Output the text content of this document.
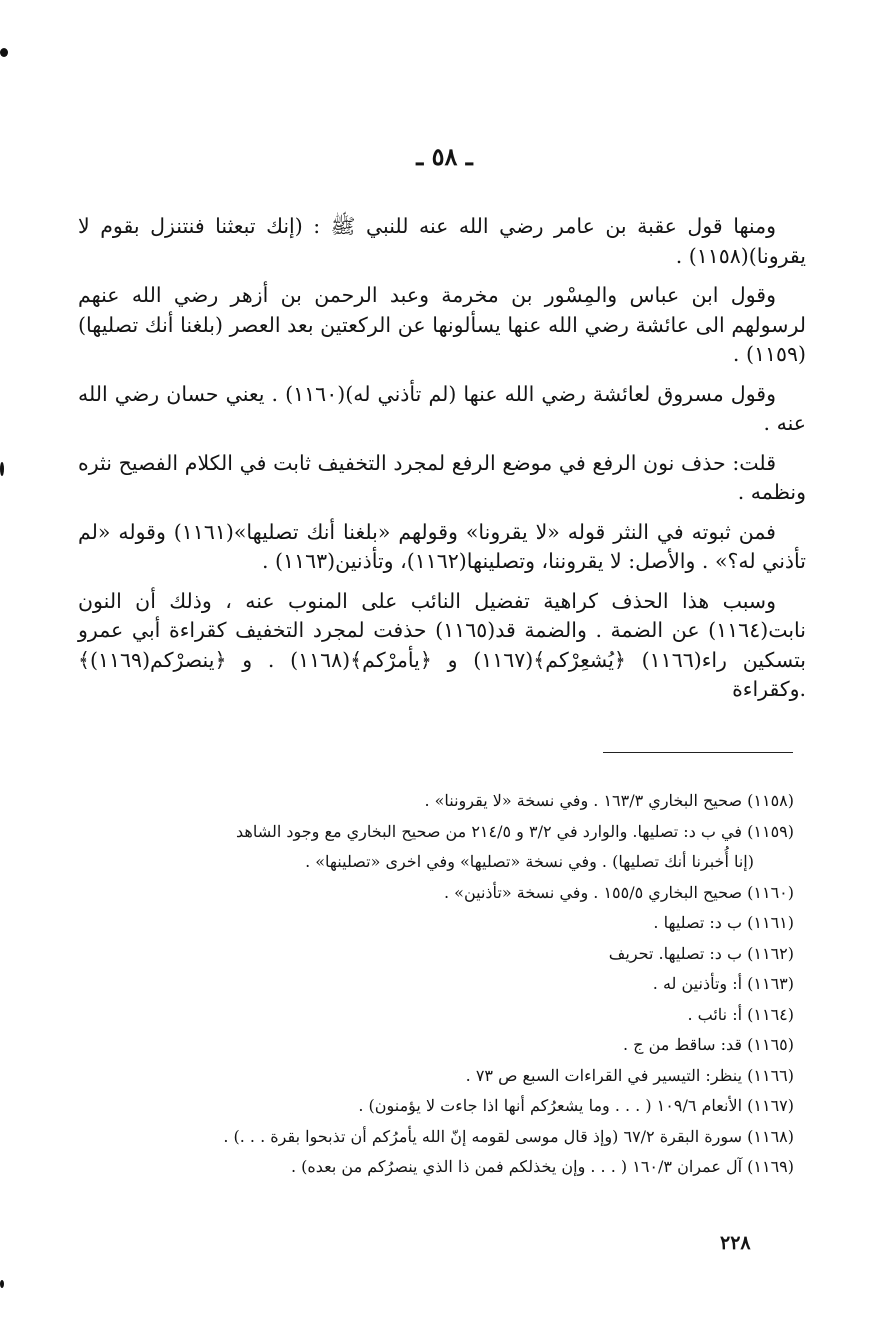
ـ ٥٨ ـ

ومنها قول عقبة بن عامر رضي الله عنه للنبي ﷺ : (إنك تبعثنا فنتنزل بقوم لا يقرونا)(١١٥٨) .

وقول ابن عباس والمِسْور بن مخرمة وعبد الرحمن بن أزهر رضي الله عنهم لرسولهم الى عائشة رضي الله عنها يسألونها عن الركعتين بعد العصر (بلغنا أنك تصليها)(١١٥٩) .

وقول مسروق لعائشة رضي الله عنها (لم تأذني له)(١١٦٠) . يعني حسان رضي الله عنه .

قلت: حذف نون الرفع في موضع الرفع لمجرد التخفيف ثابت في الكلام الفصيح نثره ونظمه .

فمن ثبوته في النثر قوله «لا يقرونا» وقولهم «بلغنا أنك تصليها»(١١٦١) وقوله «لم تأذني له؟» . والأصل: لا يقروننا، وتصلينها(١١٦٢)، وتأذنين(١١٦٣) .

وسبب هذا الحذف كراهية تفضيل النائب على المنوب عنه ، وذلك أن النون نابت(١١٦٤) عن الضمة . والضمة قد(١١٦٥) حذفت لمجرد التخفيف كقراءة أبي عمرو بتسكين راء(١١٦٦) ﴿يُشعِرْكم﴾(١١٦٧) و ﴿يأمرْكم﴾(١١٦٨) . و ﴿ينصرْكم(١١٦٩)﴾ .وكقراءة

(١١٥٨) صحيح البخاري ١٦٣/٣ . وفي نسخة «لا يقروننا» .
(١١٥٩) في ب د: تصليها. والوارد في ٣/٢ و ٢١٤/٥ من صحيح البخاري مع وجود الشاهد
(إنا أُخبرنا أنك تصليها) . وفي نسخة «تصليها» وفي اخرى «تصلينها» .
(١١٦٠) صحيح البخاري ١٥٥/٥ . وفي نسخة «تأذنين» .
(١١٦١) ب د: تصليها .
(١١٦٢) ب د: تصليها. تحريف
(١١٦٣) أ: وتأذنين له .
(١١٦٤) أ: نائب .
(١١٦٥) قد: ساقط من ج .
(١١٦٦) ينظر: التيسير في القراءات السبع ص ٧٣ .
(١١٦٧) الأنعام ١٠٩/٦ ( . . . وما يشعرُكم أنها اذا جاءت لا يؤمنون) .
(١١٦٨) سورة البقرة ٦٧/٢ (وإذ قال موسى لقومه إنّ الله يأمرُكم أن تذبحوا بقرة . . .) .
(١١٦٩) آل عمران ١٦٠/٣ ( . . . وإن يخذلكم فمن ذا الذي ينصرُكم من بعده) .
٢٢٨
